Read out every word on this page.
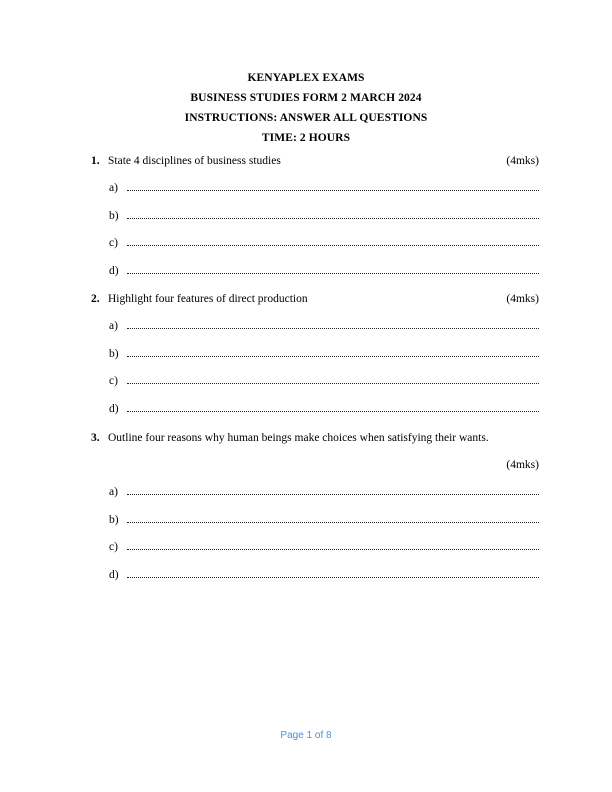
KENYAPLEX EXAMS
BUSINESS STUDIES FORM 2 MARCH 2024
INSTRUCTIONS: ANSWER ALL QUESTIONS
TIME: 2 HOURS
1. State 4 disciplines of business studies	(4mks)
a)
b)
c)
d)
2. Highlight four features of direct production	(4mks)
a)
b)
c)
d)
3. Outline four reasons why human beings make choices when satisfying their wants.
(4mks)
a)
b)
c)
d)
Page 1 of 8
